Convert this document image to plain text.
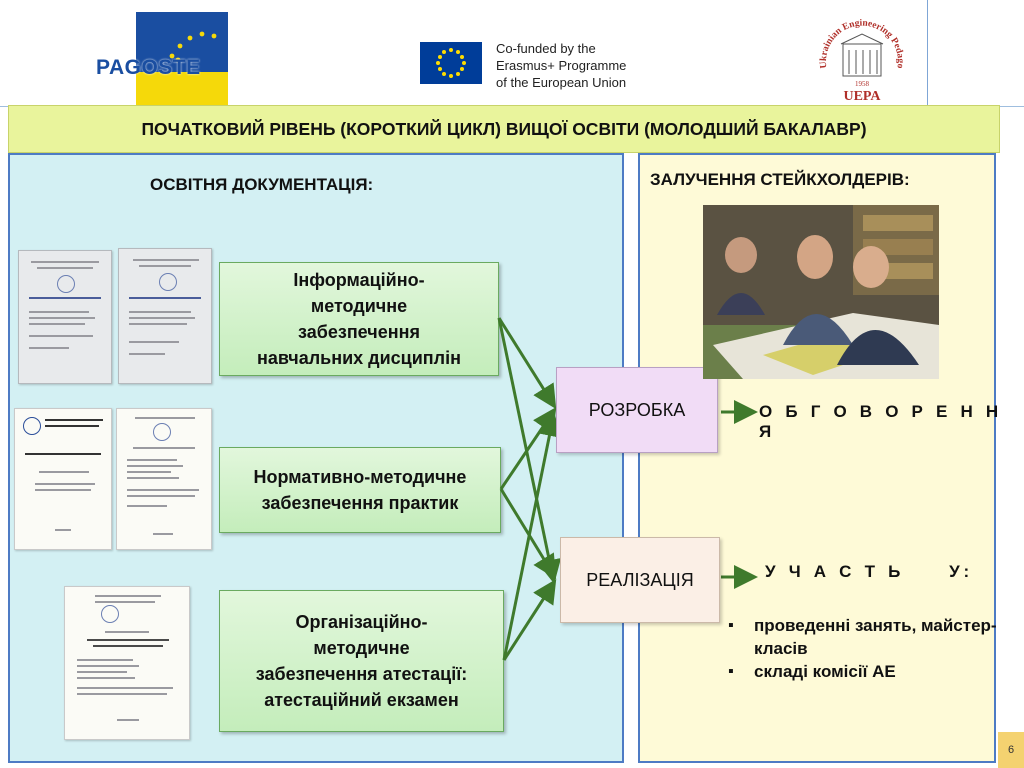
PAGOSTE
Co-funded by the
Erasmus+ Programme
of the European Union
Ukrainian Engineering Pedago
1958
UEPA
ПОЧАТКОВИЙ РІВЕНЬ (КОРОТКИЙ ЦИКЛ) ВИЩОЇ ОСВІТИ (МОЛОДШИЙ БАКАЛАВР)
ОСВІТНЯ ДОКУМЕНТАЦІЯ:	ЗАЛУЧЕННЯ СТЕЙКХОЛДЕРІВ:
Інформаційно-
методичне
забезпечення
навчальних дисциплін
Нормативно-методичне
забезпечення практик
Організаційно-
методичне
забезпечення атестації:
атестаційний екзамен
РОЗРОБКА
РЕАЛІЗАЦІЯ
О Б Г О В О Р Е Н Н Я
У Ч А С Т Ь     У:
▪ проведенні занять, майстер-класів
▪ складі комісії АЕ
6
